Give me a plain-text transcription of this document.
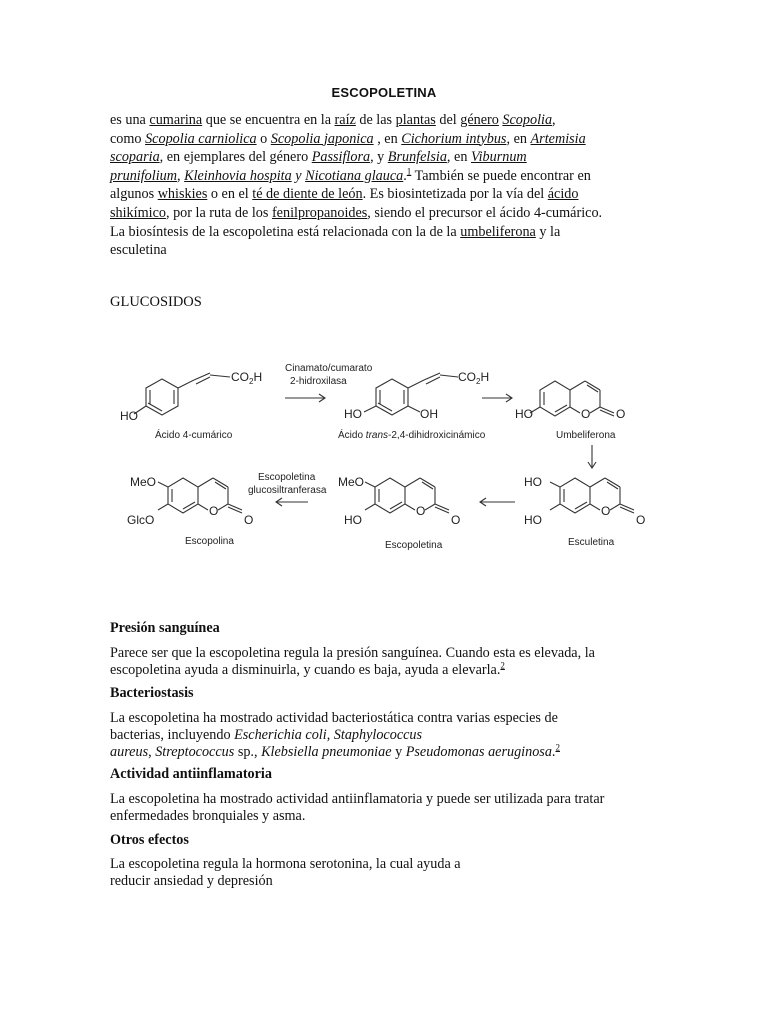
ESCOPOLETINA
es una cumarina que se encuentra en la raíz de las plantas del género Scopolia,
como Scopolia carniolica o Scopolia japonica , en Cichorium intybus, en Artemisia
scoparia, en ejemplares del género Passiflora, y Brunfelsia, en Viburnum
prunifolium, Kleinhovia hospita y Nicotiana glauca.$^1$ También se puede encontrar en
algunos whiskies o en el té de diente de león. Es biosintetizada por la vía del ácido
shikímico, por la ruta de los fenilpropanoides, siendo el precursor el ácido 4-cumárico.
La biosíntesis de la escopoletina está relacionada con la de la umbeliferona y la
esculetina
GLUCOSIDOS
$CO_2H$
HO
Ácido 4-cumárico
Cinamato/cumarato
2-hidroxilasa	$CO_2H$
HO	OH
Ácido trans-2,4-dihidroxicinámico
HO	O O
Umbeliferona
HO
HO
O
O
Esculetina
MeO
HO
O
O
Escopoletina
Escopoletina
glucosiltranferasa
MeO
GlcO
O
O
Escopolina
Presión sanguínea
Parece ser que la escopoletina regula la presión sanguínea. Cuando esta es elevada, la
escopoletina ayuda a disminuirla, y cuando es baja, ayuda a elevarla.$^2$
Bacteriostasis
La escopoletina ha mostrado actividad bacteriostática contra varias especies de
bacterias, incluyendo Escherichia coli, Staphylococcus
aureus, Streptococcus sp., Klebsiella pneumoniae y Pseudomonas aeruginosa.$^2$
Actividad antiinflamatoria
La escopoletina ha mostrado actividad antiinflamatoria y puede ser utilizada para tratar
enfermedades bronquiales y asma.
Otros efectos
La escopoletina regula la hormona serotonina, la cual ayuda a
reducir ansiedad y depresión
